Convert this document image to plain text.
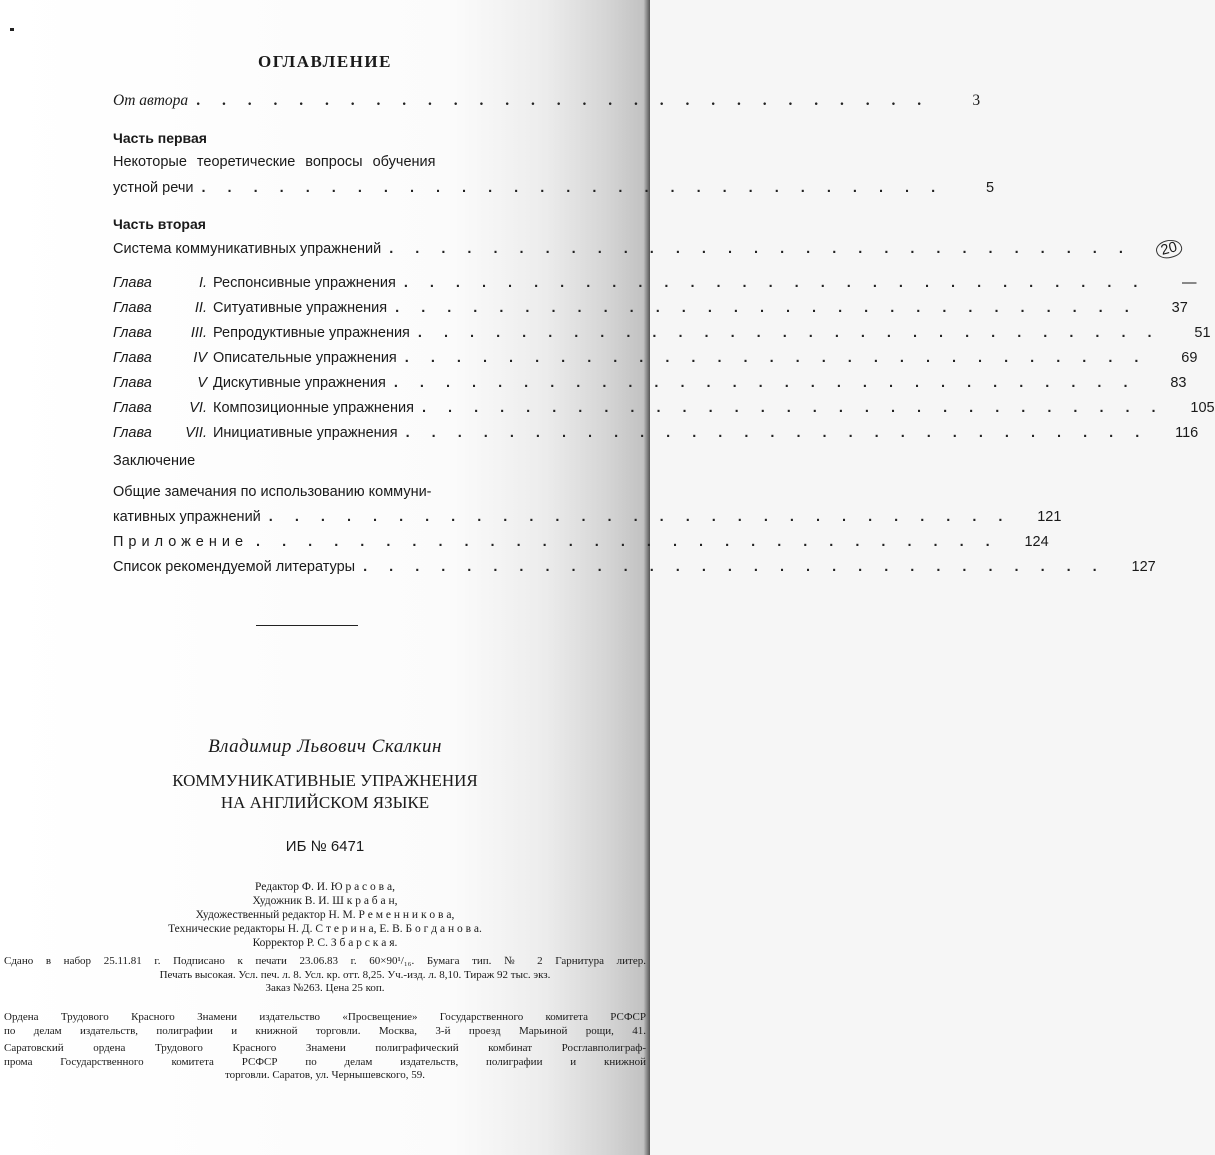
ОГЛАВЛЕНИЕ
От автора . . . . . . . . . . . . . . . . . . . . . . . . . . . . .	3
Часть первая
Некоторые теоретические вопросы обучения
устной речи . . . . . . . . . . . . . . . . . . . . . . . . . . . . .	5
Часть вторая
Система коммуникативных упражнений . . . . . . . . . . . . . . . . . . . . . . . . . . . . .	20
Глава	I. Респонсивные упражнения . . . . . . . . . . . . . . . . . . . . . . . . . . . . .	—
Глава	II. Ситуативные упражнения . . . . . . . . . . . . . . . . . . . . . . . . . . . . .	37
Глава	III. Репродуктивные упражнения . . . . . . . . . . . . . . . . . . . . . . . . . . . . .	51
Глава	IV Описательные упражнения . . . . . . . . . . . . . . . . . . . . . . . . . . . . .	69
Глава	V Дискутивные упражнения . . . . . . . . . . . . . . . . . . . . . . . . . . . . .	83
Глава	VI. Композиционные упражнения . . . . . . . . . . . . . . . . . . . . . . . . . . . . .	105
Глава VII. Инициативные упражнения . . . . . . . . . . . . . . . . . . . . . . . . . . . . .	116
Заключение
Общие замечания по использованию коммуни-
кативных упражнений . . . . . . . . . . . . . . . . . . . . . . . . . . . . .	121
Приложение . . . . . . . . . . . . . . . . . . . . . . . . . . . . .	124
Список рекомендуемой литературы . . . . . . . . . . . . . . . . . . . . . . . . . . . . .	127
Владимир Львович Скалкин
КОММУНИКАТИВНЫЕ УПРАЖНЕНИЯ
НА АНГЛИЙСКОМ ЯЗЫКЕ
ИБ № 6471
Редактор Ф. И. Ю р а с о в а,
Художник В. И. Ш к р а б а н,
Художественный редактор Н. М. Р е м е н н и к о в а,
Технические редакторы Н. Д. С т е р и н а, Е. В. Б о г д а н о в а.
Корректор Р. С. З б а р с к а я.
Сдано в набор 25.11.81 г. Подписано к печати 23.06.83 г. 60×90¹/₁₆. Бумага тип. № 2 Гарнитура литер.
Печать высокая. Усл. печ. л. 8. Усл. кр. отт. 8,25. Уч.-изд. л. 8,10. Тираж 92 тыс. экз.
Заказ №263. Цена 25 коп.
Ордена Трудового Красного Знамени издательство «Просвещение» Государственного комитета РСФСР
по делам издательств, полиграфии и книжной торговли. Москва, 3-й проезд Марьиной рощи, 41.
Саратовский ордена Трудового Красного Знамени полиграфический комбинат Росглавполиграф-
прома Государственного комитета РСФСР по делам издательств, полиграфии и книжной
торговли. Саратов, ул. Чернышевского, 59.
